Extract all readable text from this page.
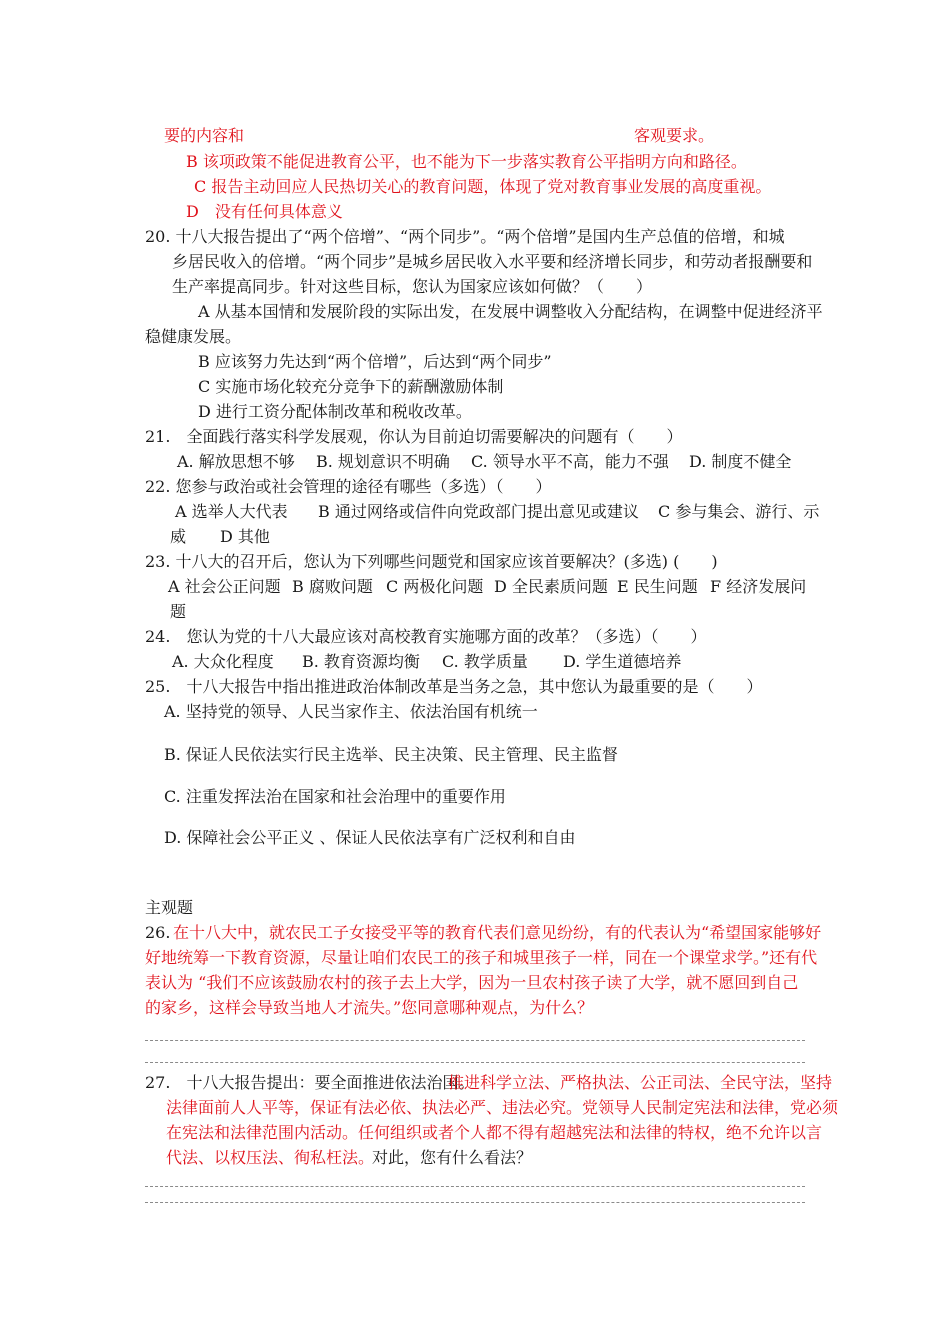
要的内容和	客观要求。
B 该项政策不能促进教育公平，也不能为下一步落实教育公平指明方向和路径。
C 报告主动回应人民热切关心的教育问题，体现了党对教育事业发展的高度重视。
D　没有任何具体意义
20. 十八大报告提出了“两个倍增”、“两个同步”。“两个倍增”是国内生产总值的倍增，和城
乡居民收入的倍增。“两个同步”是城乡居民收入水平要和经济增长同步，和劳动者报酬要和
生产率提高同步。针对这些目标，您认为国家应该如何做？（　　）
A 从基本国情和发展阶段的实际出发，在发展中调整收入分配结构，在调整中促进经济平
稳健康发展。
B 应该努力先达到“两个倍增”，后达到“两个同步”
C 实施市场化较充分竞争下的薪酬激励体制
D 进行工资分配体制改革和税收改革。
21.　全面践行落实科学发展观，你认为目前迫切需要解决的问题有（　　）
A. 解放思想不够 B. 规划意识不明确 C. 领导水平不高，能力不强 D. 制度不健全
22. 您参与政治或社会管理的途径有哪些（多选）（　　）
A 选举人大代表 B 通过网络或信件向党政部门提出意见或建议 C 参与集会、游行、示
威 D 其他
23. 十八大的召开后，您认为下列哪些问题党和国家应该首要解决？(多选) (　　)
A 社会公正问题 B 腐败问题 C 两极化问题 D 全民素质问题 E 民生问题 F 经济发展问
题
24.　您认为党的十八大最应该对高校教育实施哪方面的改革？（多选）（　　）
A. 大众化程度 B. 教育资源均衡 C. 教学质量 D. 学生道德培养
25.　十八大报告中指出推进政治体制改革是当务之急，其中您认为最重要的是（　　）
A. 坚持党的领导、人民当家作主、依法治国有机统一
B. 保证人民依法实行民主选举、民主决策、民主管理、民主监督
C. 注重发挥法治在国家和社会治理中的重要作用
D. 保障社会公平正义 、保证人民依法享有广泛权利和自由
主观题
26. 在十八大中，就农民工子女接受平等的教育代表们意见纷纷，有的代表认为“希望国家能够好
好地统筹一下教育资源，尽量让咱们农民工的孩子和城里孩子一样，同在一个课堂求学。”还有代
表认为 “我们不应该鼓励农村的孩子去上大学，因为一旦农村孩子读了大学，就不愿回到自己
的家乡，这样会导致当地人才流失。”您同意哪种观点，为什么？
27.　十八大报告提出：要全面推进依法治国。
推进科学立法、严格执法、公正司法、全民守法，坚持
法律面前人人平等，保证有法必依、执法必严、违法必究。党领导人民制定宪法和法律，党必须
在宪法和法律范围内活动。任何组织或者个人都不得有超越宪法和法律的特权，绝不允许以言
代法、以权压法、徇私枉法。
对此，您有什么看法？
